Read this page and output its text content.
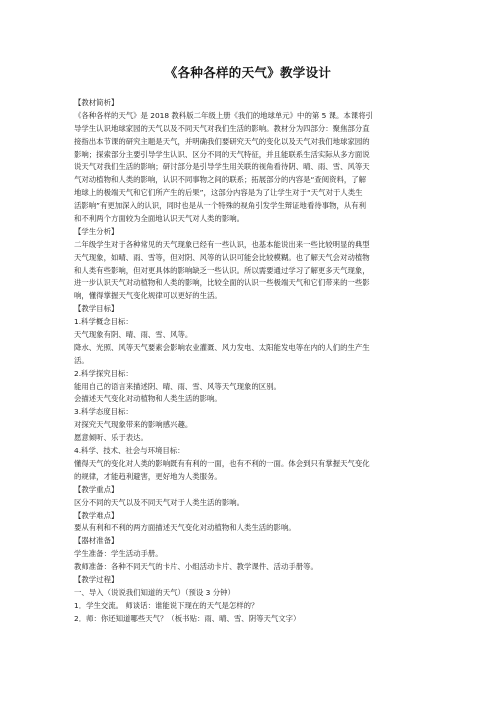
《各种各样的天气》教学设计
【教材简析】
《各种各样的天气》是 2018 教科版二年级上册《我们的地球单元》中的第 5 课。本课将引
导学生认识地球家园的天气以及不同天气对我们生活的影响。教材分为四部分：聚焦部分直
接指出本节课的研究主题是天气，并明确我们要研究天气的变化以及天气对我们地球家园的
影响；探索部分主要引导学生认识、区分不同的天气特征，并且能联系生活实际从多方面说
说天气对我们生活的影响；研讨部分是引导学生用关联的视角看待阴、晴、雨、雪、风等天
气对动植物和人类的影响，认识不同事物之间的联系；拓展部分的内容是“查阅资料，了解
地球上的极端天气和它们所产生的后果”，这部分内容是为了让学生对于“天气对于人类生
活影响”有更加深入的认识，同时也是从一个特殊的视角引发学生辩证地看待事物，从有利
和不利两个方面较为全面地认识天气对人类的影响。
【学生分析】
二年级学生对于各种常见的天气现象已经有一些认识，也基本能说出来一些比较明显的典型
天气现象，如晴、雨、雪等，但对阴、风等的认识可能会比较模糊。也了解天气会对动植物
和人类有些影响，但对更具体的影响缺乏一些认识。所以需要通过学习了解更多天气现象，
进一步认识天气对动植物和人类的影响，比较全面的认识一些极端天气和它们带来的一些影
响，懂得掌握天气变化规律可以更好的生活。
【教学目标】
1.科学概念目标：
天气现象有阴、晴、雨、雪、风等。
降水、光照、风等天气要素会影响农业灌溉、风力发电、太阳能发电等在内的人们的生产生
活。
2.科学探究目标：
能用自己的语言来描述阴、晴、雨、雪、风等天气现象的区别。
会描述天气变化对动植物和人类生活的影响。
3.科学态度目标：
对探究天气现象带来的影响感兴趣。
愿意倾听、乐于表达。
4.科学、技术、社会与环境目标：
懂得天气的变化对人类的影响既有有利的一面，也有不利的一面。体会到只有掌握天气变化
的规律，才能趋利避害，更好地为人类服务。
【教学重点】
区分不同的天气以及不同天气对于人类生活的影响。
【教学难点】
要从有利和不利的两方面描述天气变化对动植物和人类生活的影响。
【器材准备】
学生准备：学生活动手册。
教师准备：各种不同天气的卡片、小组活动卡片、教学课件、活动手册等。
【教学过程】
一、导入（说说我们知道的天气）（预设 3 分钟）
1．学生交流。 师谈话：谁能说下现在的天气是怎样的？
2．师：你还知道哪些天气？（板书贴：雨、晴、雪、阴等天气文字）
